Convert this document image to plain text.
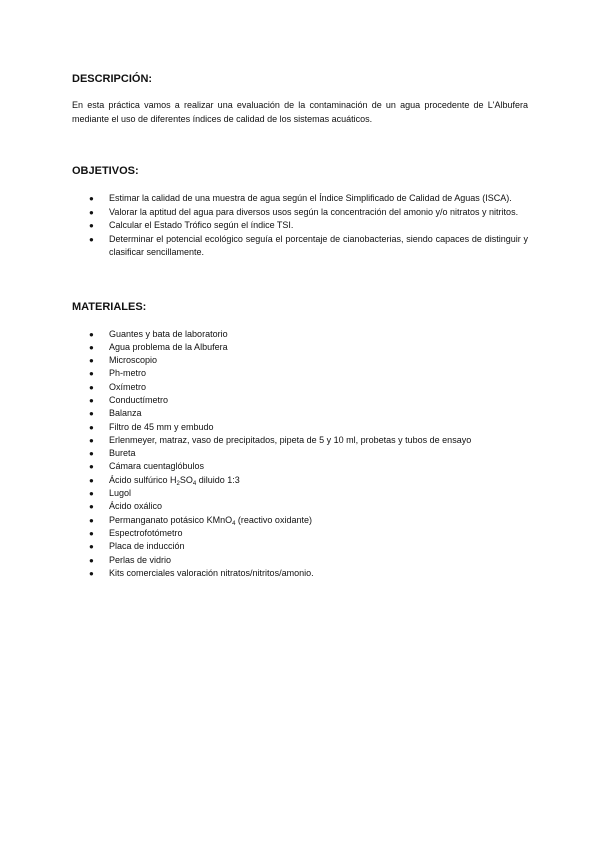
DESCRIPCIÓN:

En esta práctica vamos a realizar una evaluación de la contaminación de un agua procedente de L'Albufera mediante el uso de diferentes índices de calidad de los sistemas acuáticos.

OBJETIVOS:
● Estimar la calidad de una muestra de agua según el Índice Simplificado de Calidad de Aguas (ISCA).
● Valorar la aptitud del agua para diversos usos según la concentración del amonio y/o nitratos y nitritos.
● Calcular el Estado Trófico según el índice TSI.
● Determinar el potencial ecológico seguía el porcentaje de cianobacterias, siendo capaces de distinguir y clasificar sencillamente.
MATERIALES:
● Guantes y bata de laboratorio
● Agua problema de la Albufera
● Microscopio
● Ph-metro
● Oxímetro
● Conductímetro
● Balanza
● Filtro de 45 mm y embudo
● Erlenmeyer, matraz, vaso de precipitados, pipeta de 5 y 10 ml, probetas y tubos de ensayo
● Bureta
● Cámara cuentaglóbulos
● Ácido sulfúrico $H_2SO_4$ diluido 1:3
● Lugol
● Ácido oxálico
● Permanganato potásico KMnO$_4$ (reactivo oxidante)
● Espectrofotómetro
● Placa de inducción
● Perlas de vidrio
● Kits comerciales valoración nitratos/nitritos/amonio.
